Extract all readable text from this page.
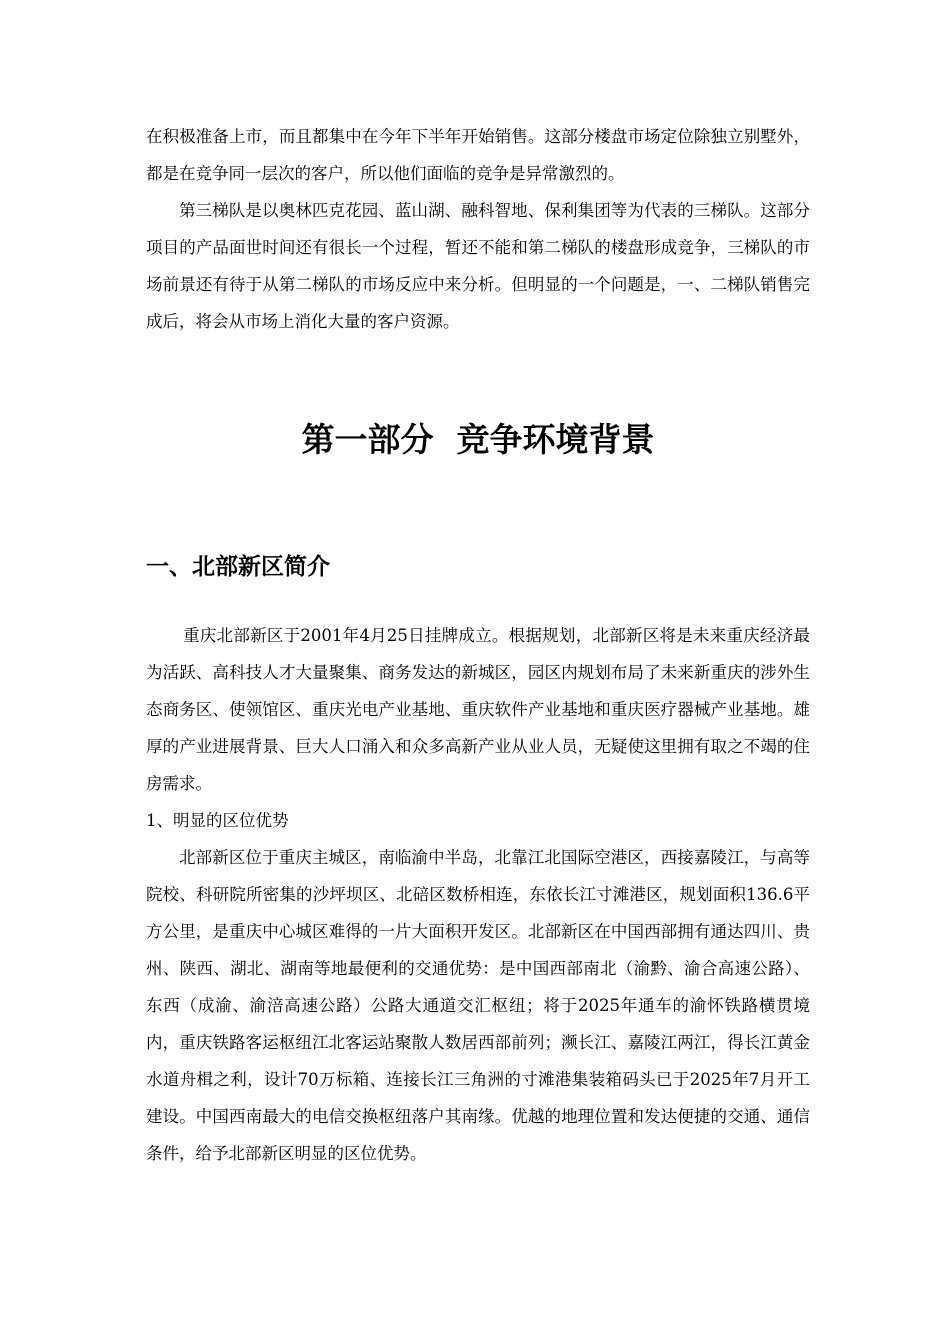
在积极准备上市，而且都集中在今年下半年开始销售。这部分楼盘市场定位除独立别墅外，都是在竞争同一层次的客户，所以他们面临的竞争是异常激烈的。

第三梯队是以奥林匹克花园、蓝山湖、融科智地、保利集团等为代表的三梯队。这部分项目的产品面世时间还有很长一个过程，暂还不能和第二梯队的楼盘形成竞争，三梯队的市场前景还有待于从第二梯队的市场反应中来分析。但明显的一个问题是，一、二梯队销售完成后，将会从市场上消化大量的客户资源。

第一部分  竞争环境背景
一、北部新区简介

重庆北部新区于2001年4月25日挂牌成立。根据规划，北部新区将是未来重庆经济最为活跃、高科技人才大量聚集、商务发达的新城区，园区内规划布局了未来新重庆的涉外生态商务区、使领馆区、重庆光电产业基地、重庆软件产业基地和重庆医疗器械产业基地。雄厚的产业进展背景、巨大人口涌入和众多高新产业从业人员，无疑使这里拥有取之不竭的住房需求。

1、明显的区位优势

北部新区位于重庆主城区，南临渝中半岛，北靠江北国际空港区，西接嘉陵江，与高等院校、科研院所密集的沙坪坝区、北碚区数桥相连，东依长江寸滩港区，规划面积136.6平方公里，是重庆中心城区难得的一片大面积开发区。北部新区在中国西部拥有通达四川、贵州、陕西、湖北、湖南等地最便利的交通优势：是中国西部南北（渝黔、渝合高速公路）、东西（成渝、渝涪高速公路）公路大通道交汇枢纽；将于2025年通车的渝怀铁路横贯境内，重庆铁路客运枢纽江北客运站聚散人数居西部前列；濒长江、嘉陵江两江，得长江黄金水道舟楫之利，设计70万标箱、连接长江三角洲的寸滩港集装箱码头已于2025年7月开工建设。中国西南最大的电信交换枢纽落户其南缘。优越的地理位置和发达便捷的交通、通信条件，给予北部新区明显的区位优势。
